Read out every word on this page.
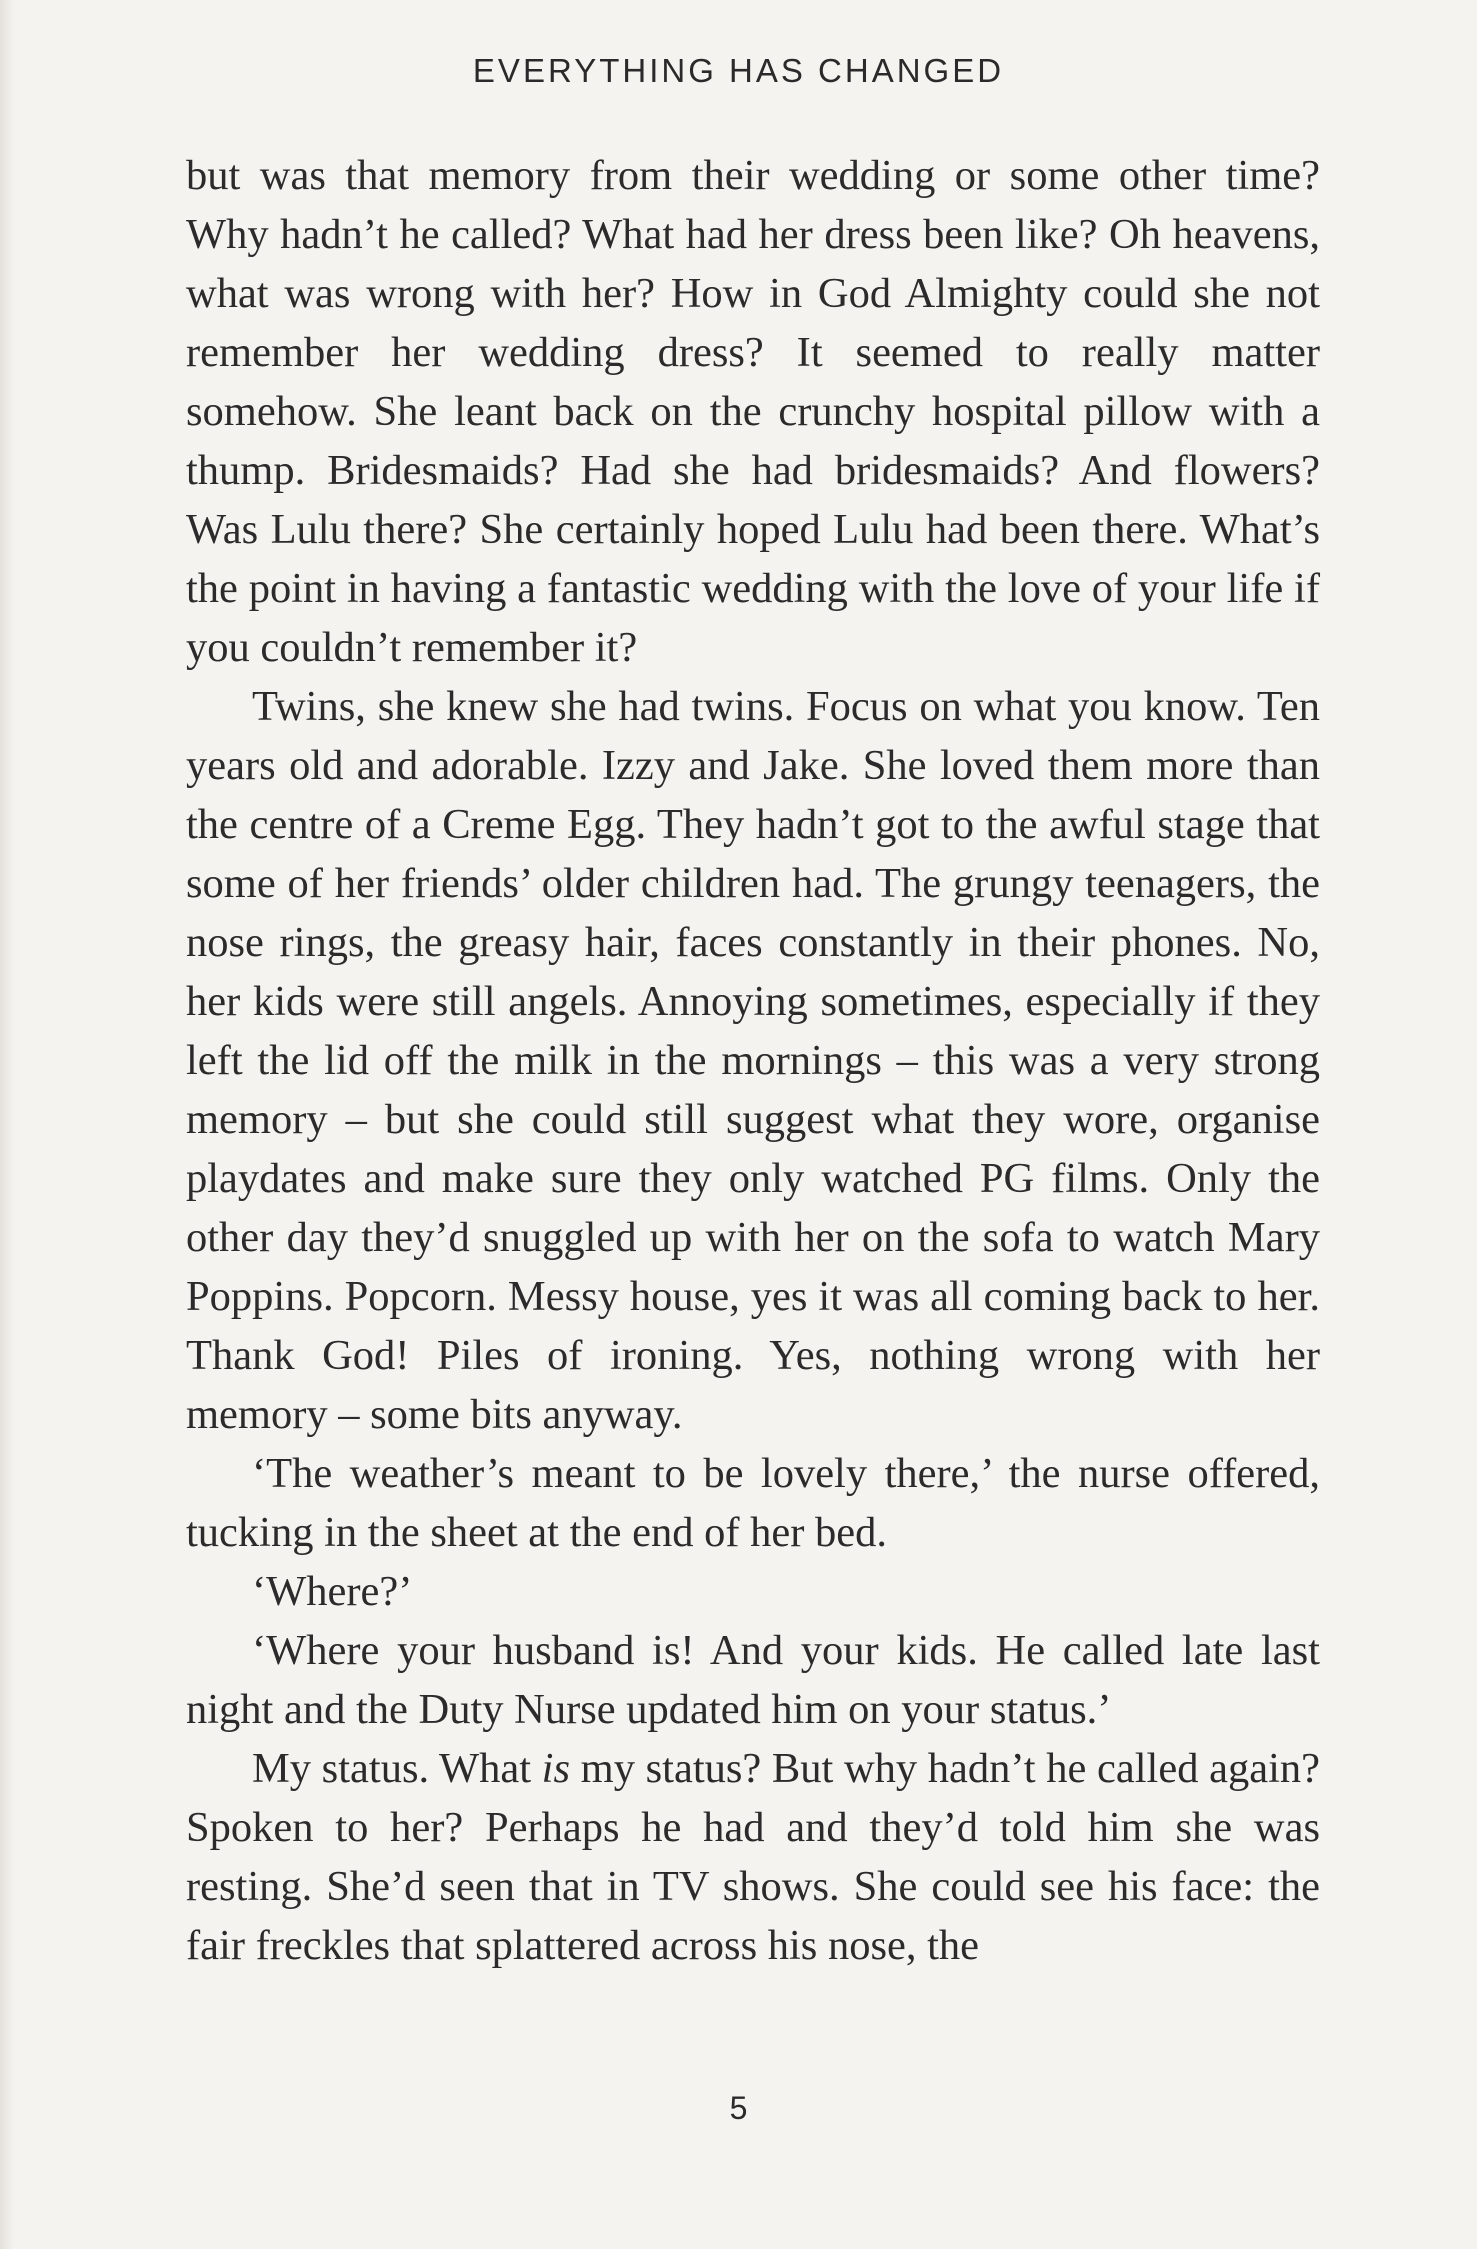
EVERYTHING HAS CHANGED

but was that memory from their wedding or some other time? Why hadn’t he called? What had her dress been like? Oh heavens, what was wrong with her? How in God Almighty could she not remember her wedding dress? It seemed to really matter somehow. She leant back on the crunchy hospital pillow with a thump. Bridesmaids? Had she had bridesmaids? And flowers? Was Lulu there? She certainly hoped Lulu had been there. What’s the point in having a fantastic wedding with the love of your life if you couldn’t remember it?

Twins, she knew she had twins. Focus on what you know. Ten years old and adorable. Izzy and Jake. She loved them more than the centre of a Creme Egg. They hadn’t got to the awful stage that some of her friends’ older children had. The grungy teenagers, the nose rings, the greasy hair, faces constantly in their phones. No, her kids were still angels. Annoying sometimes, especially if they left the lid off the milk in the mornings – this was a very strong memory – but she could still suggest what they wore, organise playdates and make sure they only watched PG films. Only the other day they’d snuggled up with her on the sofa to watch Mary Poppins. Popcorn. Messy house, yes it was all coming back to her. Thank God! Piles of ironing. Yes, nothing wrong with her memory – some bits anyway.

‘The weather’s meant to be lovely there,’ the nurse offered, tucking in the sheet at the end of her bed.

‘Where?’

‘Where your husband is! And your kids. He called late last night and the Duty Nurse updated him on your status.’

My status. What is my status? But why hadn’t he called again? Spoken to her? Perhaps he had and they’d told him she was resting. She’d seen that in TV shows. She could see his face: the fair freckles that splattered across his nose, the

5
